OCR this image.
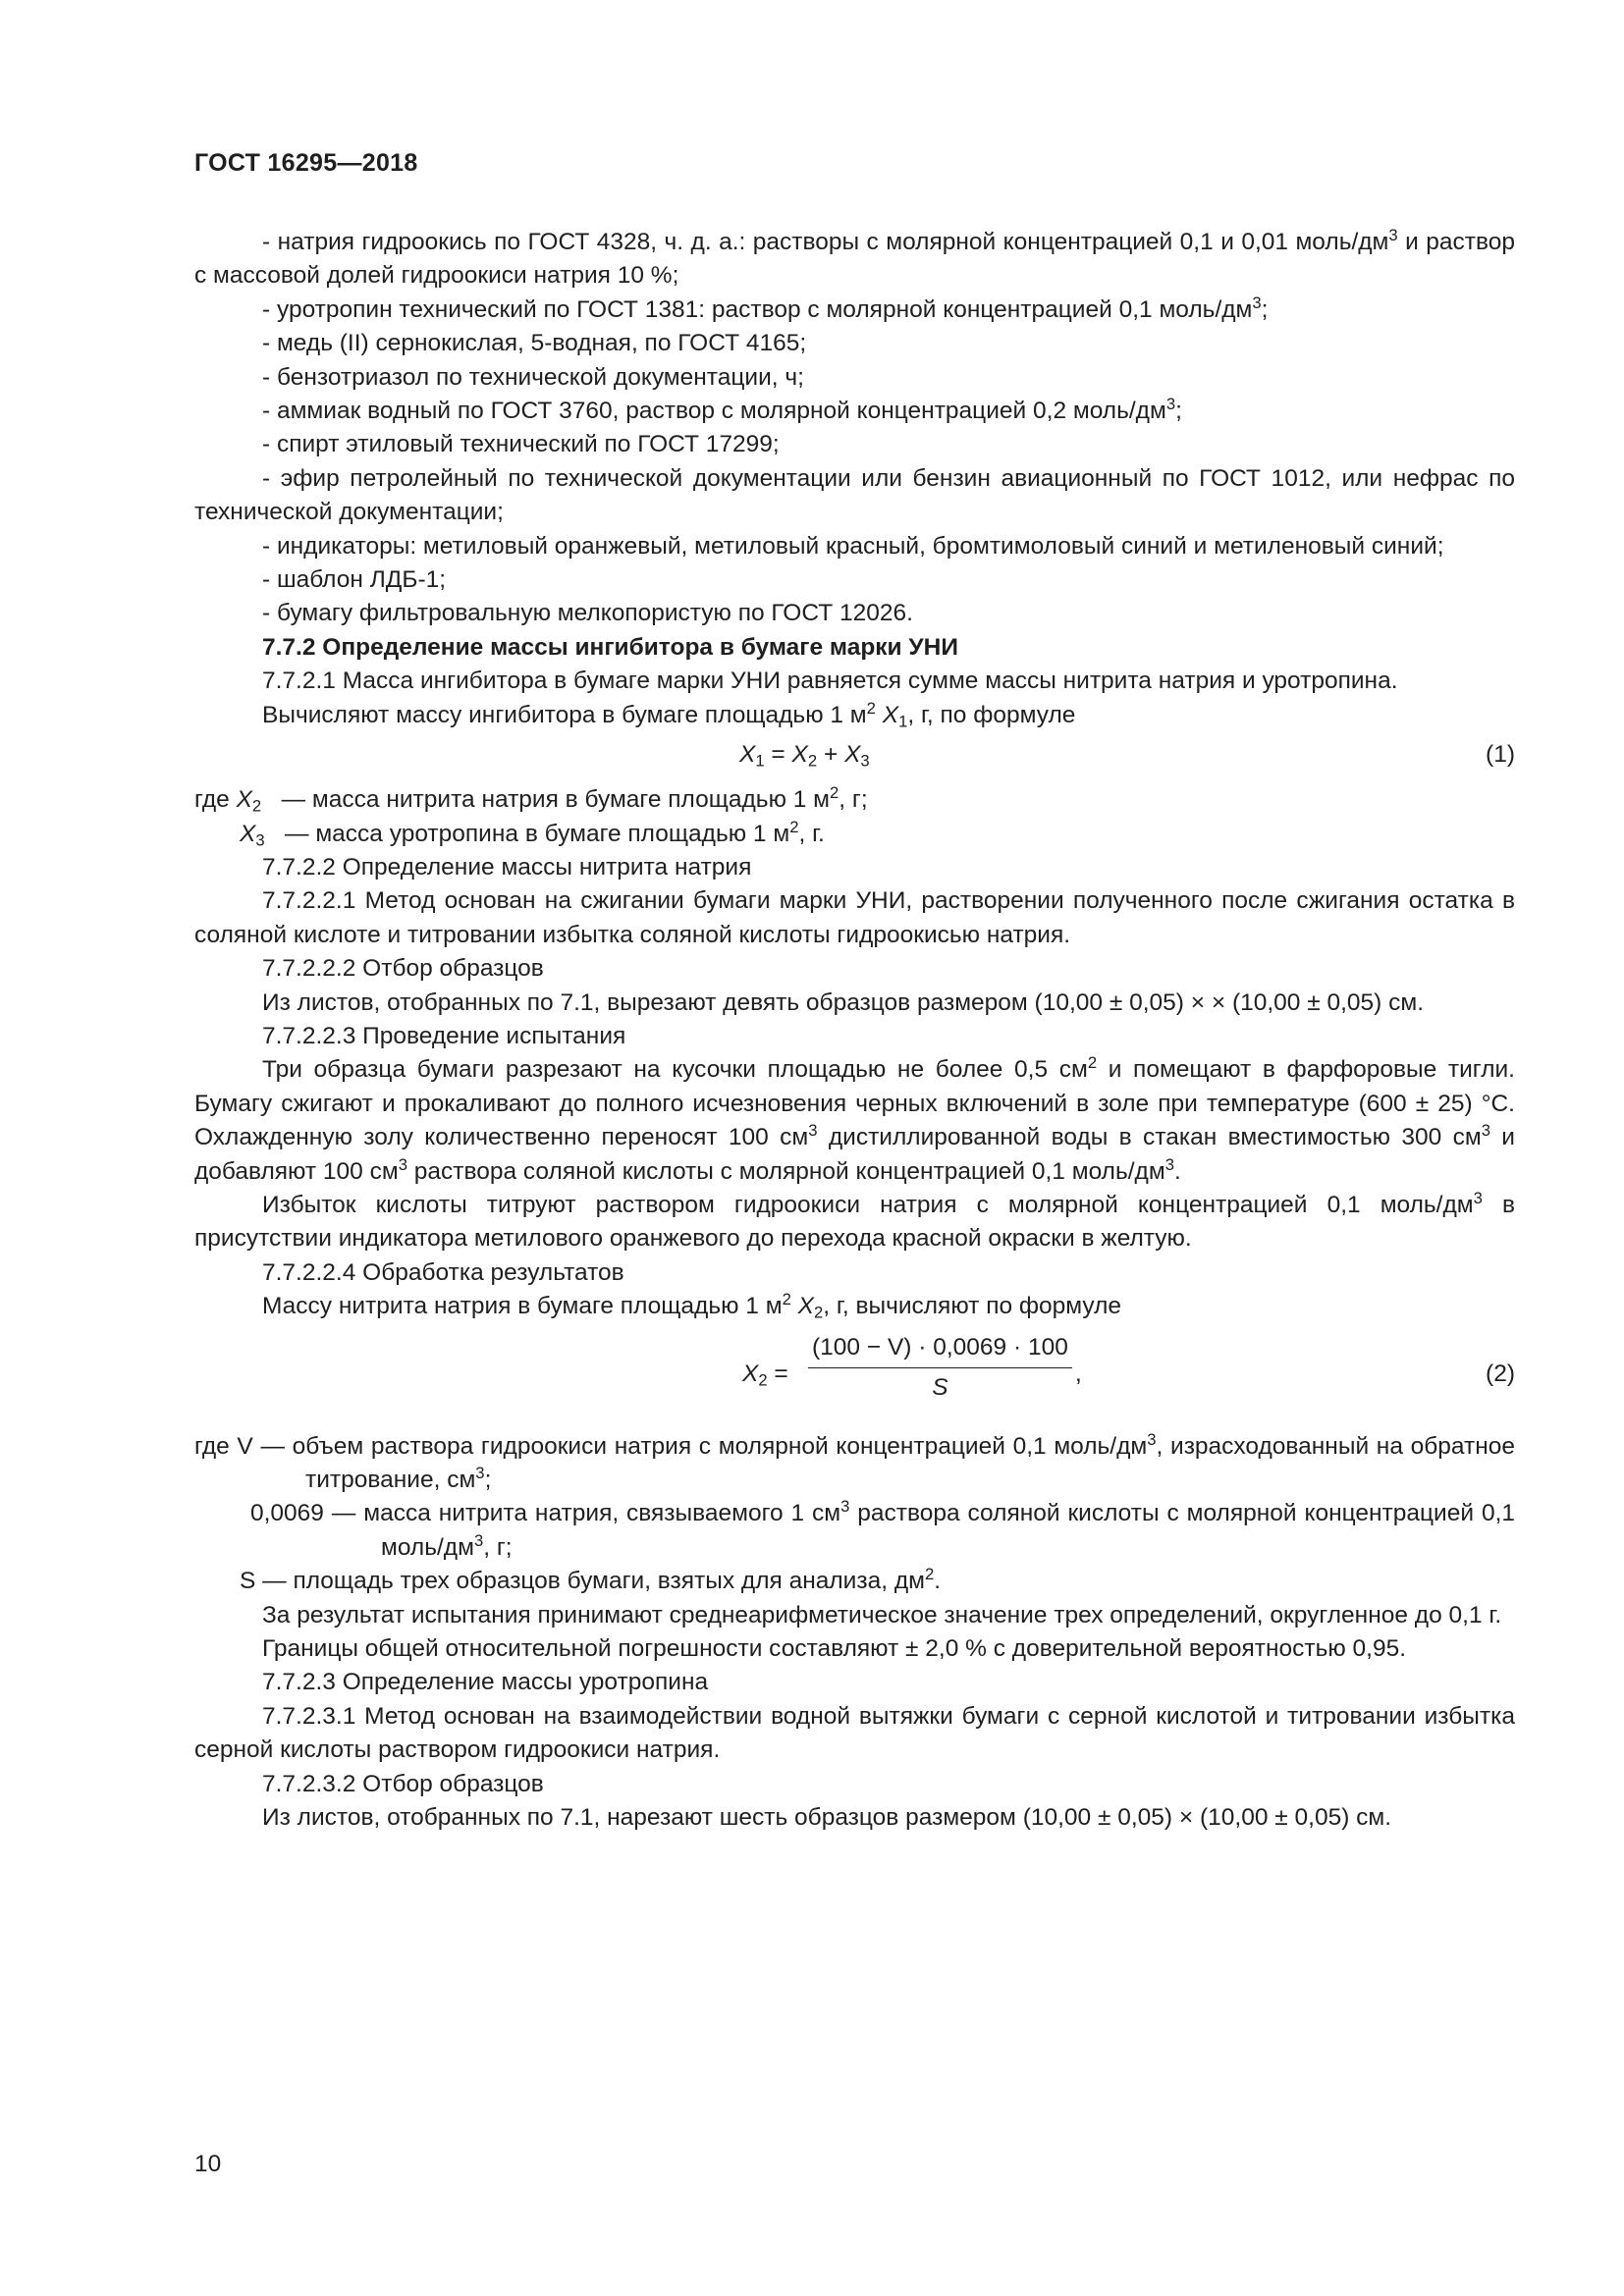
ГОСТ 16295—2018

- натрия гидроокись по ГОСТ 4328, ч. д. а.: растворы с молярной концентрацией 0,1 и 0,01 моль/$дм^3$ и раствор с массовой долей гидроокиси натрия 10 %;

- уротропин технический по ГОСТ 1381: раствор с молярной концентрацией 0,1 моль/$дм^3$;

- медь (II) сернокислая, 5-водная, по ГОСТ 4165;

- бензотриазол по технической документации, ч;

- аммиак водный по ГОСТ 3760, раствор с молярной концентрацией 0,2 моль/$дм^3$;

- спирт этиловый технический по ГОСТ 17299;

- эфир петролейный по технической документации или бензин авиационный по ГОСТ 1012, или нефрас по технической документации;

- индикаторы: метиловый оранжевый, метиловый красный, бромтимоловый синий и метиленовый синий;

- шаблон ЛДБ-1;

- бумагу фильтровальную мелкопористую по ГОСТ 12026.

7.7.2 Определение массы ингибитора в бумаге марки УНИ

7.7.2.1 Масса ингибитора в бумаге марки УНИ равняется сумме массы нитрита натрия и уротропина.

Вычисляют массу ингибитора в бумаге площадью 1 $м^2$ $X_1$, г, по формуле

$X_1 = X_2 + X_3$	(1)

где $X_2$ — масса нитрита натрия в бумаге площадью 1 $м^2$, г;

$X_3$ — масса уротропина в бумаге площадью 1 $м^2$, г.

7.7.2.2 Определение массы нитрита натрия

7.7.2.2.1 Метод основан на сжигании бумаги марки УНИ, растворении полученного после сжигания остатка в соляной кислоте и титровании избытка соляной кислоты гидроокисью натрия.

7.7.2.2.2 Отбор образцов

Из листов, отобранных по 7.1, вырезают девять образцов размером (10,00 ± 0,05) × × (10,00 ± 0,05) см.

7.7.2.2.3 Проведение испытания

Три образца бумаги разрезают на кусочки площадью не более 0,5 $см^2$ и помещают в фарфоровые тигли. Бумагу сжигают и прокаливают до полного исчезновения черных включений в золе при температуре (600 ± 25) °С. Охлажденную золу количественно переносят 100 $см^3$ дистиллированной воды в стакан вместимостью 300 $см^3$ и добавляют 100 $см^3$ раствора соляной кислоты с молярной концентрацией 0,1 моль/$дм^3$.

Избыток кислоты титруют раствором гидроокиси натрия с молярной концентрацией 0,1 моль/$дм^3$ в присутствии индикатора метилового оранжевого до перехода красной окраски в желтую.

7.7.2.2.4 Обработка результатов

Массу нитрита натрия в бумаге площадью 1 $м^2$ $X_2$, г, вычисляют по формуле

$X_2 = \frac{(100 - V) \cdot 0,0069 \cdot 100}{S}$ ,	(2)

где V — объем раствора гидроокиси натрия с молярной концентрацией 0,1 моль/$дм^3$, израсходованный на обратное титрование, $см^3$;

0,0069 — масса нитрита натрия, связываемого 1 $см^3$ раствора соляной кислоты с молярной концентрацией 0,1 моль/$дм^3$, г;

S — площадь трех образцов бумаги, взятых для анализа, $дм^2$.

За результат испытания принимают среднеарифметическое значение трех определений, округленное до 0,1 г.

Границы общей относительной погрешности составляют ± 2,0 % с доверительной вероятностью 0,95.

7.7.2.3 Определение массы уротропина

7.7.2.3.1 Метод основан на взаимодействии водной вытяжки бумаги с серной кислотой и титровании избытка серной кислоты раствором гидроокиси натрия.

7.7.2.3.2 Отбор образцов

Из листов, отобранных по 7.1, нарезают шесть образцов размером (10,00 ± 0,05) × (10,00 ± 0,05) см.

10
